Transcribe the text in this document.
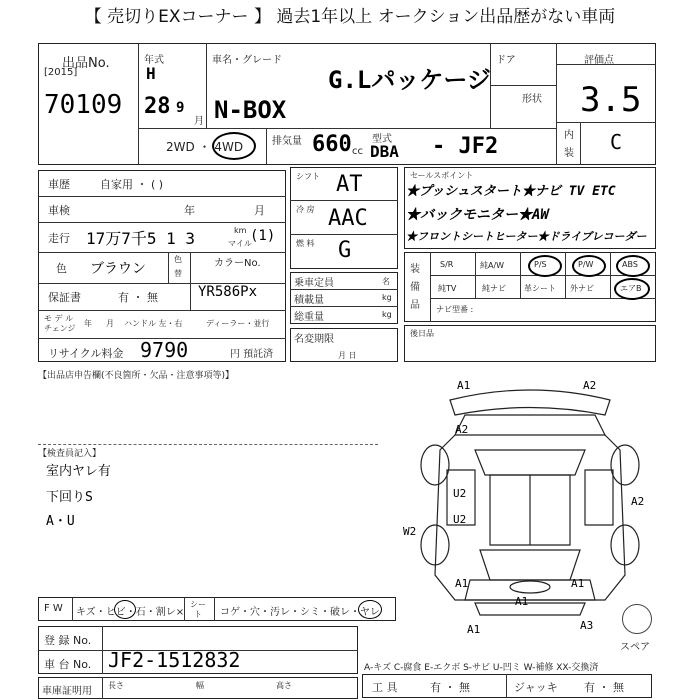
【 売切りEXコーナー 】 過去1年以上 オークション出品歴がない車両
出品No.
[2015]
70109
年式
H
28 9
月
車名・グレード
G.Lパッケージ
N-BOX
ドア
形状
2WD ・ 4WD	排気量 660 cc
型式
DBA - JF2
評価点
3.5
内
装 C
車歴	自家用 ・ ( )
車検	年	月
走行 17万7千5 1 3	km
マイル
(1)
色 ブラウン
色
替
カラーNo.
YR586Px
保証書	有 ・ 無
モ デ ル
チェンジ
年 月 ハンドル 左・右	ディーラー・並行
リサイクル料金 9790	円 預託済
シフト AT
冷 房 AAC
燃 料 G
乗車定員	名
積載量	kg
総重量	kg
名変期限
月 日
セールスポイント
★プッシュスタート★ナビ TV ETC
★バックモニター★AW
★フロントシートヒーター★ドライブレコーダー
装
備
品
S/R	純A/W	P/S	P/W	ABS
純TV	純ナビ 革シート 外ナビ	エアB
ナビ型番 :
後日品
【出品店申告欄(不良箇所・欠品・注意事項等)】
【検査員記入】
室内ヤレ有
下回りS
A・U
A1	A2
A2
U2
U2
A2
W2
A1
A1
A1
A3
A1
スペア
F W キズ・ヒビ・石・割レ×
シー
ト コゲ・穴・汚レ・シミ・破レ・ヤレ
登 録 No.
車 台 No. JF2-1512832	A-キズ C-腐食 E-エクボ S-サビ U-凹ミ W-補修 XX-交換済
車庫証明用
長さ	幅	高さ	工 具	有 ・ 無	ジャッキ 有 ・ 無
